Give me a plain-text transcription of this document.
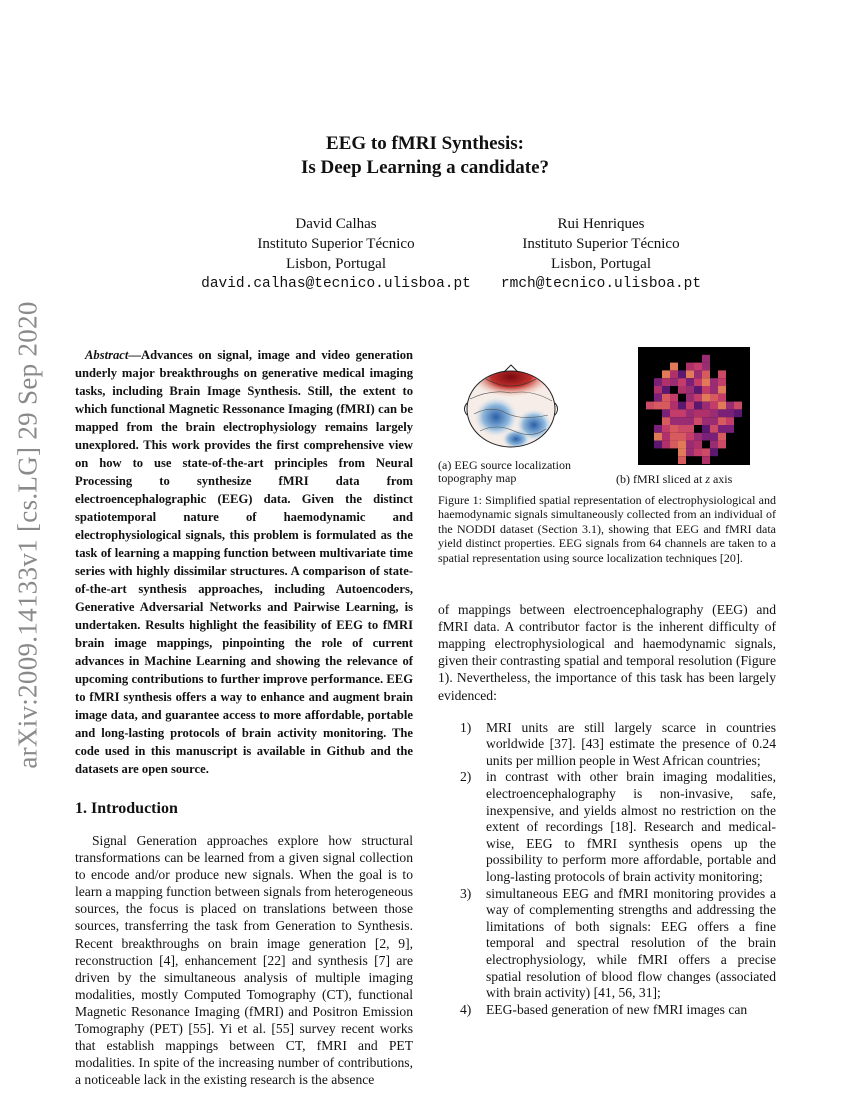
arXiv:2009.14133v1 [cs.LG] 29 Sep 2020
EEG to fMRI Synthesis:
Is Deep Learning a candidate?
David Calhas
Instituto Superior Técnico
Lisbon, Portugal
david.calhas@tecnico.ulisboa.pt
Rui Henriques
Instituto Superior Técnico
Lisbon, Portugal
rmch@tecnico.ulisboa.pt

Abstract—Advances on signal, image and video generation underly major breakthroughs on generative medical imaging tasks, including Brain Image Synthesis. Still, the extent to which functional Magnetic Ressonance Imaging (fMRI) can be mapped from the brain electrophysiology remains largely unexplored. This work provides the first comprehensive view on how to use state-of-the-art principles from Neural Processing to synthesize fMRI data from electroencephalographic (EEG) data. Given the distinct spatiotemporal nature of haemodynamic and electrophysiological signals, this problem is formulated as the task of learning a mapping function between multivariate time series with highly dissimilar structures. A comparison of state-of-the-art synthesis approaches, including Autoencoders, Generative Adversarial Networks and Pairwise Learning, is undertaken. Results highlight the feasibility of EEG to fMRI brain image mappings, pinpointing the role of current advances in Machine Learning and showing the relevance of upcoming contributions to further improve performance. EEG to fMRI synthesis offers a way to enhance and augment brain image data, and guarantee access to more affordable, portable and long-lasting protocols of brain activity monitoring. The code used in this manuscript is available in Github and the datasets are open source.

1. Introduction

Signal Generation approaches explore how structural transformations can be learned from a given signal collection to encode and/or produce new signals. When the goal is to learn a mapping function between signals from heterogeneous sources, the focus is placed on translations between those sources, transferring the task from Generation to Synthesis. Recent breakthroughs on brain image generation [2, 9], reconstruction [4], enhancement [22] and synthesis [7] are driven by the simultaneous analysis of multiple imaging modalities, mostly Computed Tomography (CT), functional Magnetic Resonance Imaging (fMRI) and Positron Emission Tomography (PET) [55]. Yi et al. [55] survey recent works that establish mappings between CT, fMRI and PET modalities. In spite of the increasing number of contributions, a noticeable lack in the existing research is the absence

(a) EEG source localization topography map	(b) fMRI sliced at z axis
Figure 1: Simplified spatial representation of electrophysiological and haemodynamic signals simultaneously collected from an individual of the NODDI dataset (Section 3.1), showing that EEG and fMRI data yield distinct properties. EEG signals from 64 channels are taken to a spatial representation using source localization techniques [20].

of mappings between electroencephalography (EEG) and fMRI data. A contributor factor is the inherent difficulty of mapping electrophysiological and haemodynamic signals, given their contrasting spatial and temporal resolution (Figure 1). Nevertheless, the importance of this task has been largely evidenced:

1) MRI units are still largely scarce in countries worldwide [37]. [43] estimate the presence of 0.24 units per million people in West African countries;
2) in contrast with other brain imaging modalities, electroencephalography is non-invasive, safe, inexpensive, and yields almost no restriction on the extent of recordings [18]. Research and medical-wise, EEG to fMRI synthesis opens up the possibility to perform more affordable, portable and long-lasting protocols of brain activity monitoring;
3) simultaneous EEG and fMRI monitoring provides a way of complementing strengths and addressing the limitations of both signals: EEG offers a fine temporal and spectral resolution of the brain electrophysiology, while fMRI offers a precise spatial resolution of blood flow changes (associated with brain activity) [41, 56, 31];
4) EEG-based generation of new fMRI images can
